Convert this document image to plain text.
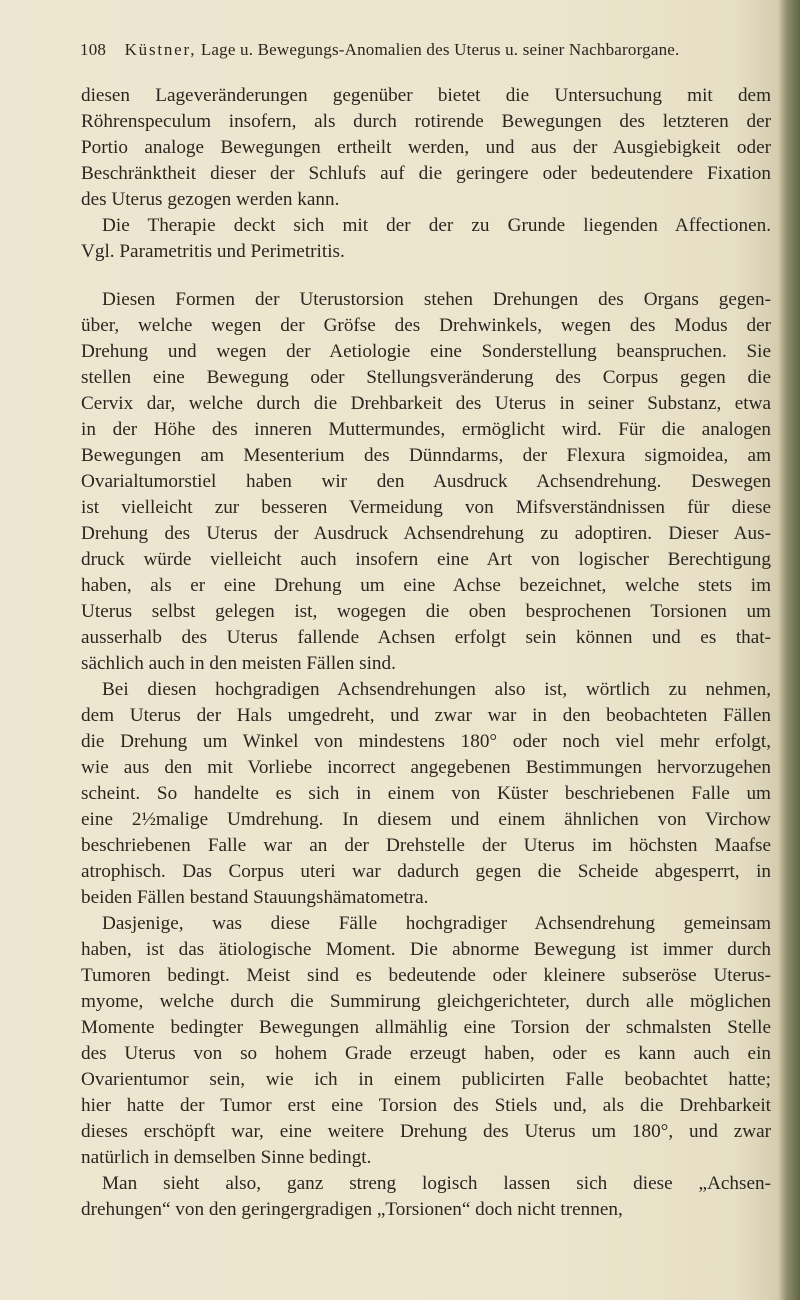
108 Küstner, Lage u. Bewegungs-Anomalien des Uterus u. seiner Nachbarorgane.
diesen Lageveränderungen gegenüber bietet die Untersuchung mit dem
Röhrenspeculum insofern, als durch rotirende Bewegungen des letzteren der
Portio analoge Bewegungen ertheilt werden, und aus der Ausgiebigkeit oder
Beschränktheit dieser der Schlufs auf die geringere oder bedeutendere Fixation
des Uterus gezogen werden kann.
Die Therapie deckt sich mit der der zu Grunde liegenden Affectionen.
Vgl. Parametritis und Perimetritis.
Diesen Formen der Uterustorsion stehen Drehungen des Organs gegen-
über, welche wegen der Gröfse des Drehwinkels, wegen des Modus der
Drehung und wegen der Aetiologie eine Sonderstellung beanspruchen. Sie
stellen eine Bewegung oder Stellungsveränderung des Corpus gegen die
Cervix dar, welche durch die Drehbarkeit des Uterus in seiner Substanz, etwa
in der Höhe des inneren Muttermundes, ermöglicht wird. Für die analogen
Bewegungen am Mesenterium des Dünndarms, der Flexura sigmoidea, am
Ovarialtumorstiel haben wir den Ausdruck Achsendrehung. Deswegen
ist vielleicht zur besseren Vermeidung von Mifsverständnissen für diese
Drehung des Uterus der Ausdruck Achsendrehung zu adoptiren. Dieser Aus-
druck würde vielleicht auch insofern eine Art von logischer Berechtigung
haben, als er eine Drehung um eine Achse bezeichnet, welche stets im
Uterus selbst gelegen ist, wogegen die oben besprochenen Torsionen um
ausserhalb des Uterus fallende Achsen erfolgt sein können und es that-
sächlich auch in den meisten Fällen sind.
Bei diesen hochgradigen Achsendrehungen also ist, wörtlich zu nehmen,
dem Uterus der Hals umgedreht, und zwar war in den beobachteten Fällen
die Drehung um Winkel von mindestens 180° oder noch viel mehr erfolgt,
wie aus den mit Vorliebe incorrect angegebenen Bestimmungen hervorzugehen
scheint. So handelte es sich in einem von Küster beschriebenen Falle um
eine 2½malige Umdrehung. In diesem und einem ähnlichen von Virchow
beschriebenen Falle war an der Drehstelle der Uterus im höchsten Maafse
atrophisch. Das Corpus uteri war dadurch gegen die Scheide abgesperrt, in
beiden Fällen bestand Stauungshämatometra.
Dasjenige, was diese Fälle hochgradiger Achsendrehung gemeinsam
haben, ist das ätiologische Moment. Die abnorme Bewegung ist immer durch
Tumoren bedingt. Meist sind es bedeutende oder kleinere subseröse Uterus-
myome, welche durch die Summirung gleichgerichteter, durch alle möglichen
Momente bedingter Bewegungen allmählig eine Torsion der schmalsten Stelle
des Uterus von so hohem Grade erzeugt haben, oder es kann auch ein
Ovarientumor sein, wie ich in einem publicirten Falle beobachtet hatte;
hier hatte der Tumor erst eine Torsion des Stiels und, als die Drehbarkeit
dieses erschöpft war, eine weitere Drehung des Uterus um 180°, und zwar
natürlich in demselben Sinne bedingt.
Man sieht also, ganz streng logisch lassen sich diese „Achsen-
drehungen“ von den geringergradigen „Torsionen“ doch nicht trennen,
